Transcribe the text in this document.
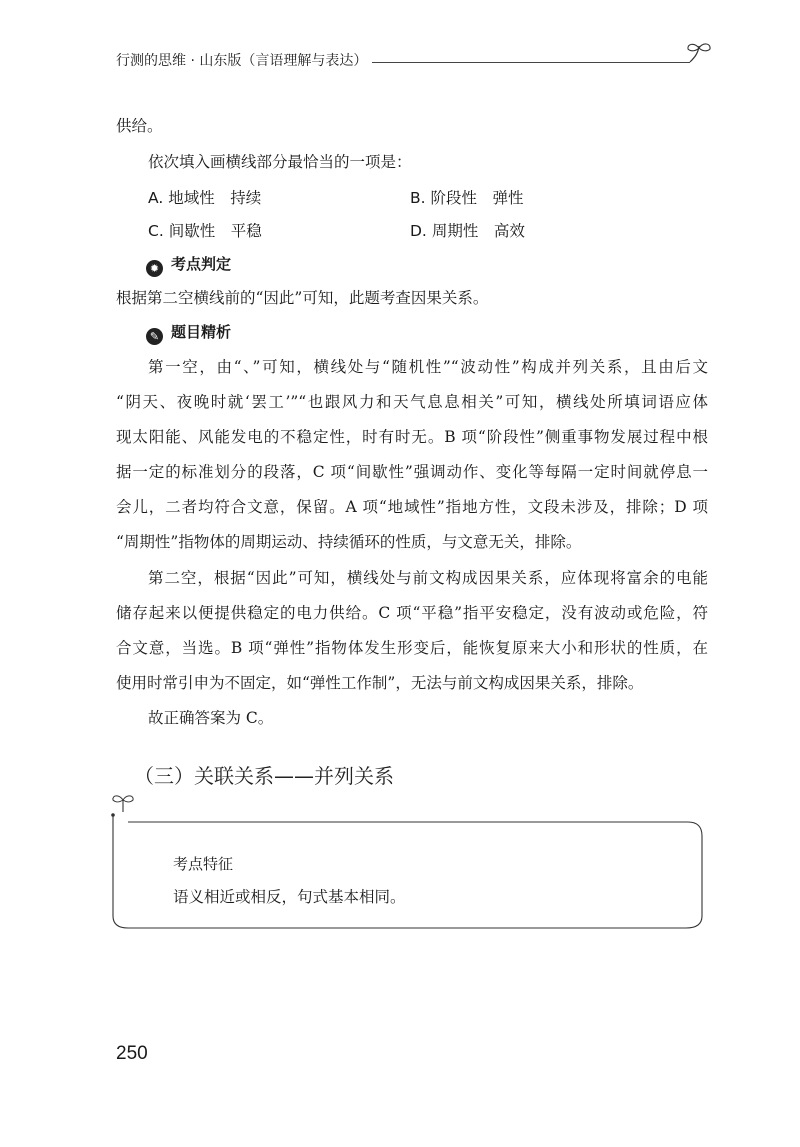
行测的思维 · 山东版（言语理解与表达）
供给。
依次填入画横线部分最恰当的一项是：
A. 地域性　持续	B. 阶段性　弹性
C. 间歇性　平稳	D. 周期性　高效
✹ 考点判定
根据第二空横线前的“因此”可知，此题考查因果关系。
✎ 题目精析
第一空，由“、”可知，横线处与“随机性”“波动性”构成并列关系，且由后文
“阴天、夜晚时就‘罢工’”“也跟风力和天气息息相关”可知，横线处所填词语应体
现太阳能、风能发电的不稳定性，时有时无。B 项“阶段性”侧重事物发展过程中根
据一定的标准划分的段落，C 项“间歇性”强调动作、变化等每隔一定时间就停息一
会儿，二者均符合文意，保留。A 项“地域性”指地方性，文段未涉及，排除；D 项
“周期性”指物体的周期运动、持续循环的性质，与文意无关，排除。
第二空，根据“因此”可知，横线处与前文构成因果关系，应体现将富余的电能
储存起来以便提供稳定的电力供给。C 项“平稳”指平安稳定，没有波动或危险，符
合文意，当选。B 项“弹性”指物体发生形变后，能恢复原来大小和形状的性质，在
使用时常引申为不固定，如“弹性工作制”，无法与前文构成因果关系，排除。
故正确答案为 C。
（三）关联关系——并列关系
考点特征
语义相近或相反，句式基本相同。
250
